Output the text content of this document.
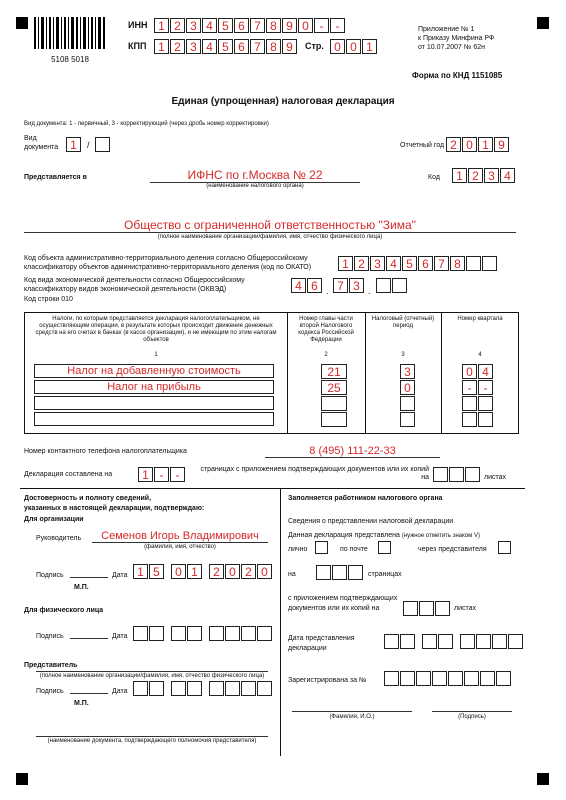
5108 5018
ИНН 1 2 3 4 5 6 7 8 9 0 -	-
КПП 1 2 3 4 5 6 7 8 9	Стр. 0 0 1
Приложение № 1
к Приказу Минфина РФ
от 10.07.2007 № 62н
Форма по КНД 1151085
Единая (упрощенная) налоговая декларация
Вид документа: 1 - первичный, 3 - корректирующий (через дробь номер корректировки)
Вид
документа	1	/	Отчетный год 2 0 1 9
Представляется в	ИФНС по г.Москва № 22
(наименование налогового органа)
Код	1 2 3 4
Общество с ограниченной ответственностью "Зима"
(полное наименование организации/фамилия, имя, отчество физического лица)
Код объекта административно-территориального деления согласно Общероссийскому
классификатору объектов административно-территориального деления (код по ОКАТО)	1 2 3 4 5 6 7 8
Код вида экономической деятельности согласно Общероссийскому
классификатору видов экономической деятельности (ОКВЭД)
Код строки 010
4 6 . 7 3 .
Налоги, по которым представляется декларация налогоплательщиком, не осуществляющим операции, в результате которых происходит движение денежных средств на его счетах в банках (в кассе организации), и не имеющим по этим налогам объектов
Номер главы части второй Налогового кодекса Российской Федерации
Налоговый (отчетный) период
Номер квартала
1	2	3	4
Налог на добавленную стоимость	21	3	0 4
Налог на прибыль	25	0	-	-
Номер контактного телефона налогоплательщика	8 (495) 111-22-33
Декларация составлена на	1 -	-	страницах с приложением подтверждающих документов или их копий на	листах
Достоверность и полноту сведений,
указанных в настоящей декларации, подтверждаю:
Для организации
Руководитель	Семенов Игорь Владимирович
(фамилия, имя, отчество)
Подпись	Дата 1 5	0 1	2 0 2 0
М.П.
Для физического лица
Подпись	Дата
Представитель
(полное наименование организации/фамилия, имя, отчество физического лица)
Подпись	Дата
М.П.
(наименование документа, подтверждающего полномочия представителя)
Заполняется работником налогового органа
Сведения о представлении налоговой декларации
Данная декларация представлена (нужное отметить знаком V)
лично	по почте	через представителя
на	страницах
с приложением подтверждающих
документов или их копий на	листах
Дата представления
декларации
Зарегистрирована за №
(Фамилия, И.О.)	(Подпись)
